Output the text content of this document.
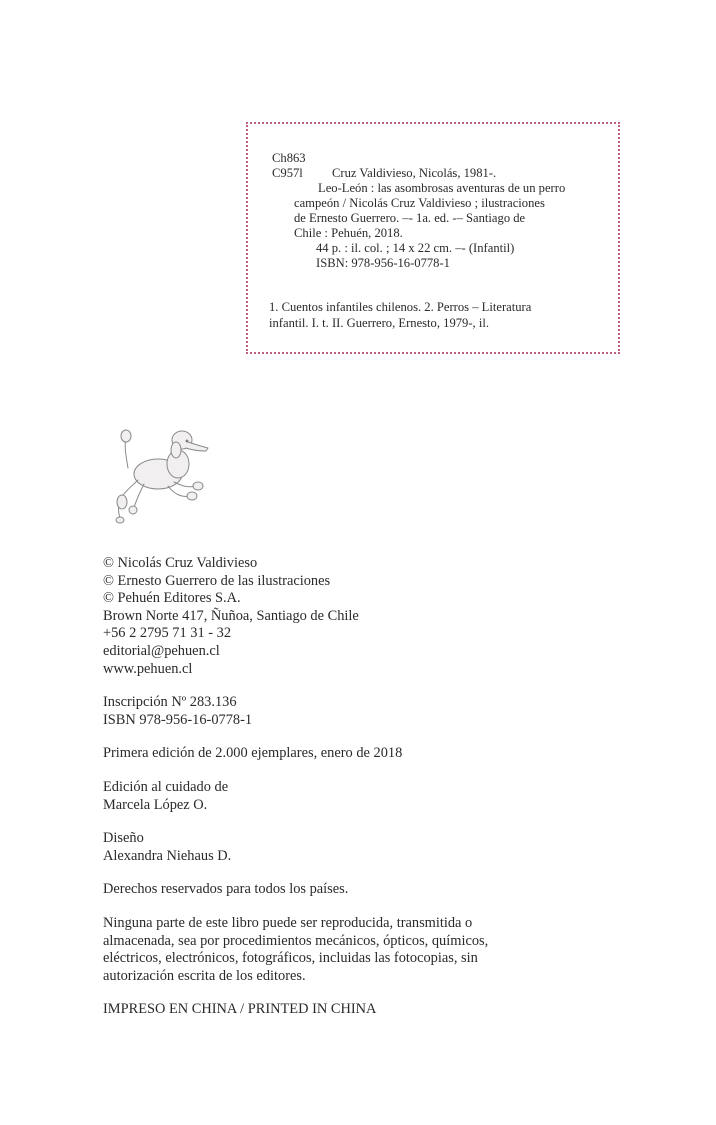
Ch863
C957l Cruz Valdivieso, Nicolás, 1981-.
Leo-León : las asombrosas aventuras de un perro
campeón / Nicolás Cruz Valdivieso ; ilustraciones
de Ernesto Guerrero. –- 1a. ed. -– Santiago de
Chile : Pehuén, 2018.
44 p. : il. col. ; 14 x 22 cm. –- (Infantil)
ISBN: 978-956-16-0778-1
1. Cuentos infantiles chilenos. 2. Perros – Literatura
infantil. I. t. II. Guerrero, Ernesto, 1979-, il.
© Nicolás Cruz Valdivieso
© Ernesto Guerrero de las ilustraciones
© Pehuén Editores S.A.
Brown Norte 417, Ñuñoa, Santiago de Chile
+56 2 2795 71 31 - 32
editorial@pehuen.cl
www.pehuen.cl
Inscripción Nº 283.136
ISBN 978-956-16-0778-1
Primera edición de 2.000 ejemplares, enero de 2018
Edición al cuidado de
Marcela López O.
Diseño
Alexandra Niehaus D.
Derechos reservados para todos los países.
Ninguna parte de este libro puede ser reproducida, transmitida o
almacenada, sea por procedimientos mecánicos, ópticos, químicos,
eléctricos, electrónicos, fotográficos, incluidas las fotocopias, sin
autorización escrita de los editores.
IMPRESO EN CHINA / PRINTED IN CHINA
